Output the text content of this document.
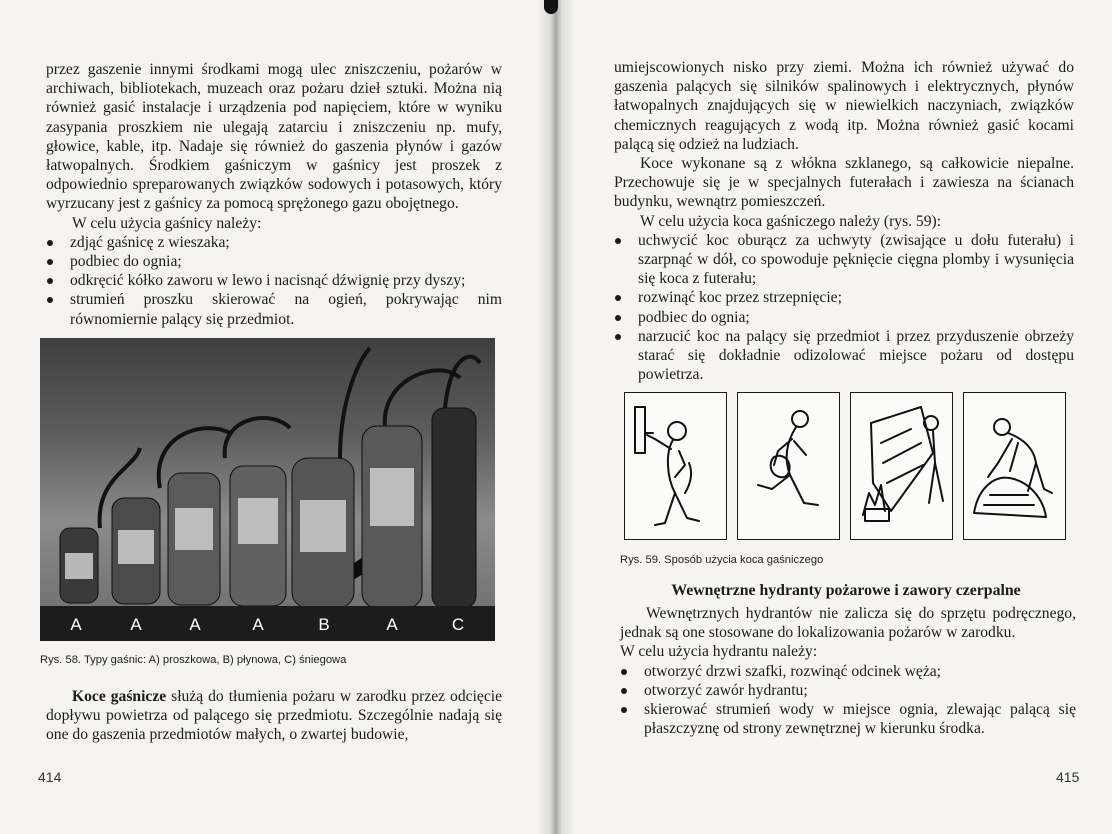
przez gaszenie innymi środkami mogą ulec zniszczeniu, pożarów w archiwach, bibliotekach, muzeach oraz pożaru dzieł sztuki. Można nią również gasić instalacje i urządzenia pod napięciem, które w wyniku zasypania proszkiem nie ulegają zatarciu i zniszczeniu np. mufy, głowice, kable, itp. Nadaje się również do gaszenia płynów i gazów łatwopalnych. Środkiem gaśniczym w gaśnicy jest proszek z odpowiednio spreparowanych związków sodowych i potasowych, który wyrzucany jest z gaśnicy za pomocą sprężonego gazu obojętnego.

W celu użycia gaśnicy należy:

zdjąć gaśnicę z wieszaka;
podbiec do ognia;
odkręcić kółko zaworu w lewo i nacisnąć dźwignię przy dyszy;
strumień proszku skierować na ogień, pokrywając nim równomiernie palący się przedmiot.
A	A	A	A	B	A	C
Rys. 58. Typy gaśnic: A) proszkowa, B) płynowa, C) śniegowa

Koce gaśnicze służą do tłumienia pożaru w zarodku przez odcięcie dopływu powietrza od palącego się przedmiotu. Szczególnie nadają się one do gaszenia przedmiotów małych, o zwartej budowie,

414

umiejscowionych nisko przy ziemi. Można ich również używać do gaszenia palących się silników spalinowych i elektrycznych, płynów łatwopalnych znajdujących się w niewielkich naczyniach, związków chemicznych reagujących z wodą itp. Można również gasić kocami palącą się odzież na ludziach.

Koce wykonane są z włókna szklanego, są całkowicie niepalne. Przechowuje się je w specjalnych futerałach i zawiesza na ścianach budynku, wewnątrz pomieszczeń.

W celu użycia koca gaśniczego należy (rys. 59):

uchwycić koc oburącz za uchwyty (zwisające u dołu futerału) i szarpnąć w dół, co spowoduje pęknięcie cięgna plomby i wysunięcia się koca z futerału;
rozwinąć koc przez strzepnięcie;
podbiec do ognia;
narzucić koc na palący się przedmiot i przez przyduszenie obrzeży starać się dokładnie odizolować miejsce pożaru od dostępu powietrza.
Rys. 59. Sposób użycia koca gaśniczego
Wewnętrzne hydranty pożarowe i zawory czerpalne

Wewnętrznych hydrantów nie zalicza się do sprzętu podręcznego, jednak są one stosowane do lokalizowania pożarów w zarodku.

W celu użycia hydrantu należy:

otworzyć drzwi szafki, rozwinąć odcinek węża;
otworzyć zawór hydrantu;
skierować strumień wody w miejsce ognia, zlewając palącą się płaszczyznę od strony zewnętrznej w kierunku środka.
415
